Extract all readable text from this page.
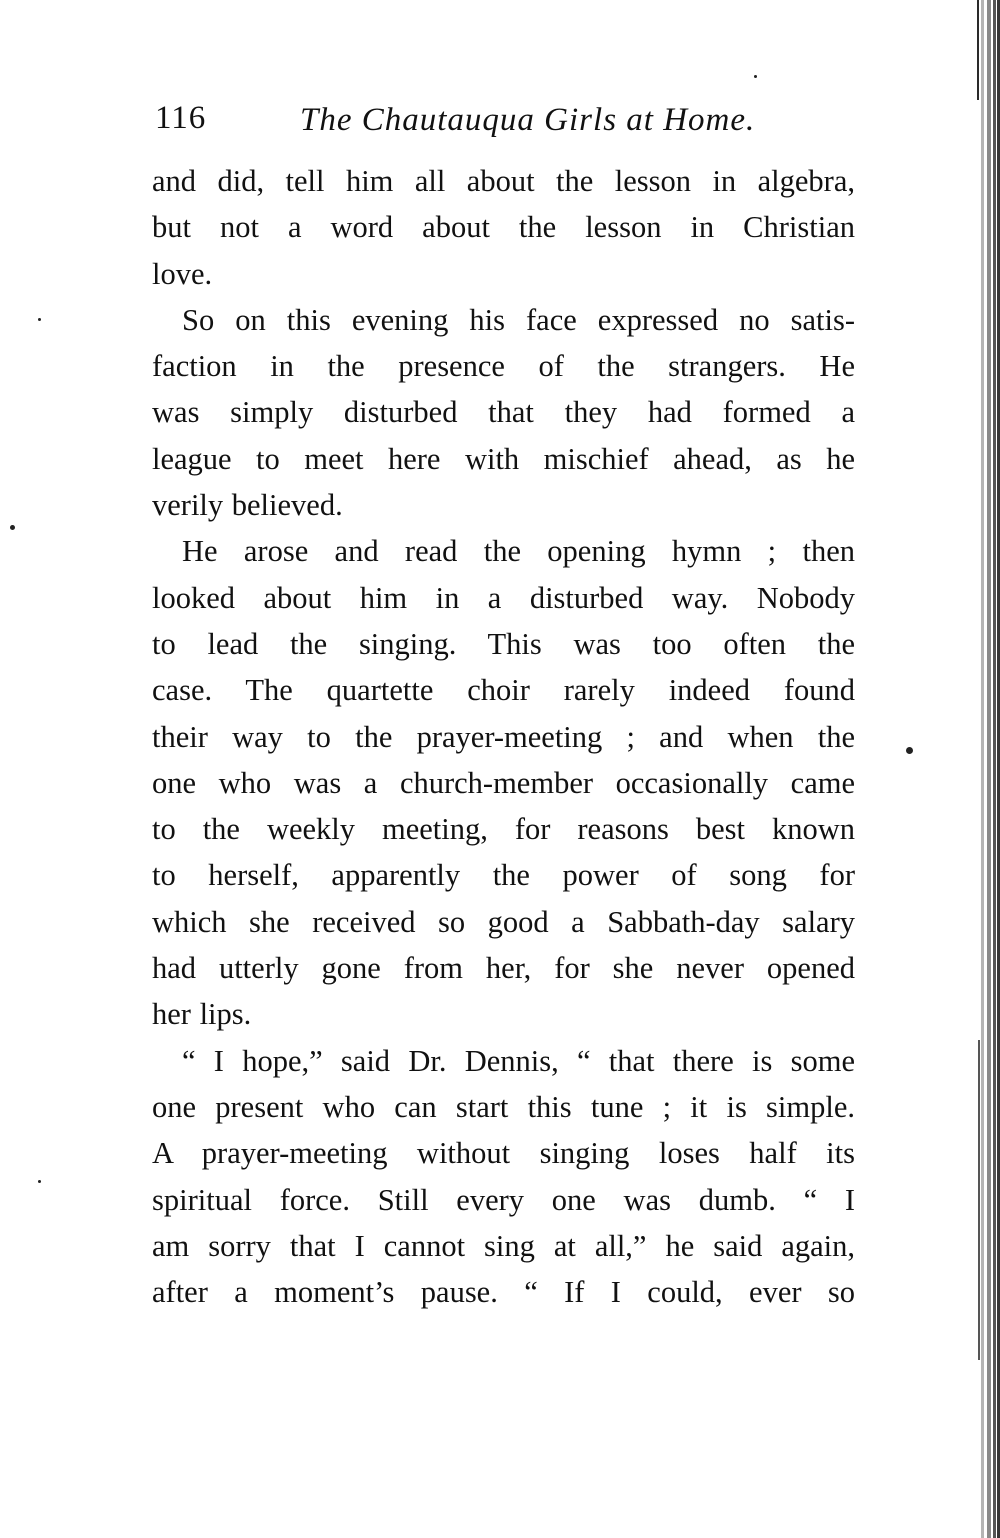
116	The Chautauqua Girls at Home.

and did, tell him all about the lesson in algebra,
but not a word about the lesson in Christian
love.

So on this evening his face expressed no satis-
faction in the presence of the strangers. He
was simply disturbed that they had formed a
league to meet here with mischief ahead, as he
verily believed.

He arose and read the opening hymn ; then
looked about him in a disturbed way. Nobody
to lead the singing. This was too often the
case. The quartette choir rarely indeed found
their way to the prayer-meeting ; and when the
one who was a church-member occasionally came
to the weekly meeting, for reasons best known
to herself, apparently the power of song for
which she received so good a Sabbath-day salary
had utterly gone from her, for she never opened
her lips.

“ I hope,” said Dr. Dennis, “ that there is some
one present who can start this tune ; it is simple.
A prayer-meeting without singing loses half its
spiritual force. Still every one was dumb. “ I
am sorry that I cannot sing at all,” he said again,
after a moment’s pause. “ If I could, ever so
